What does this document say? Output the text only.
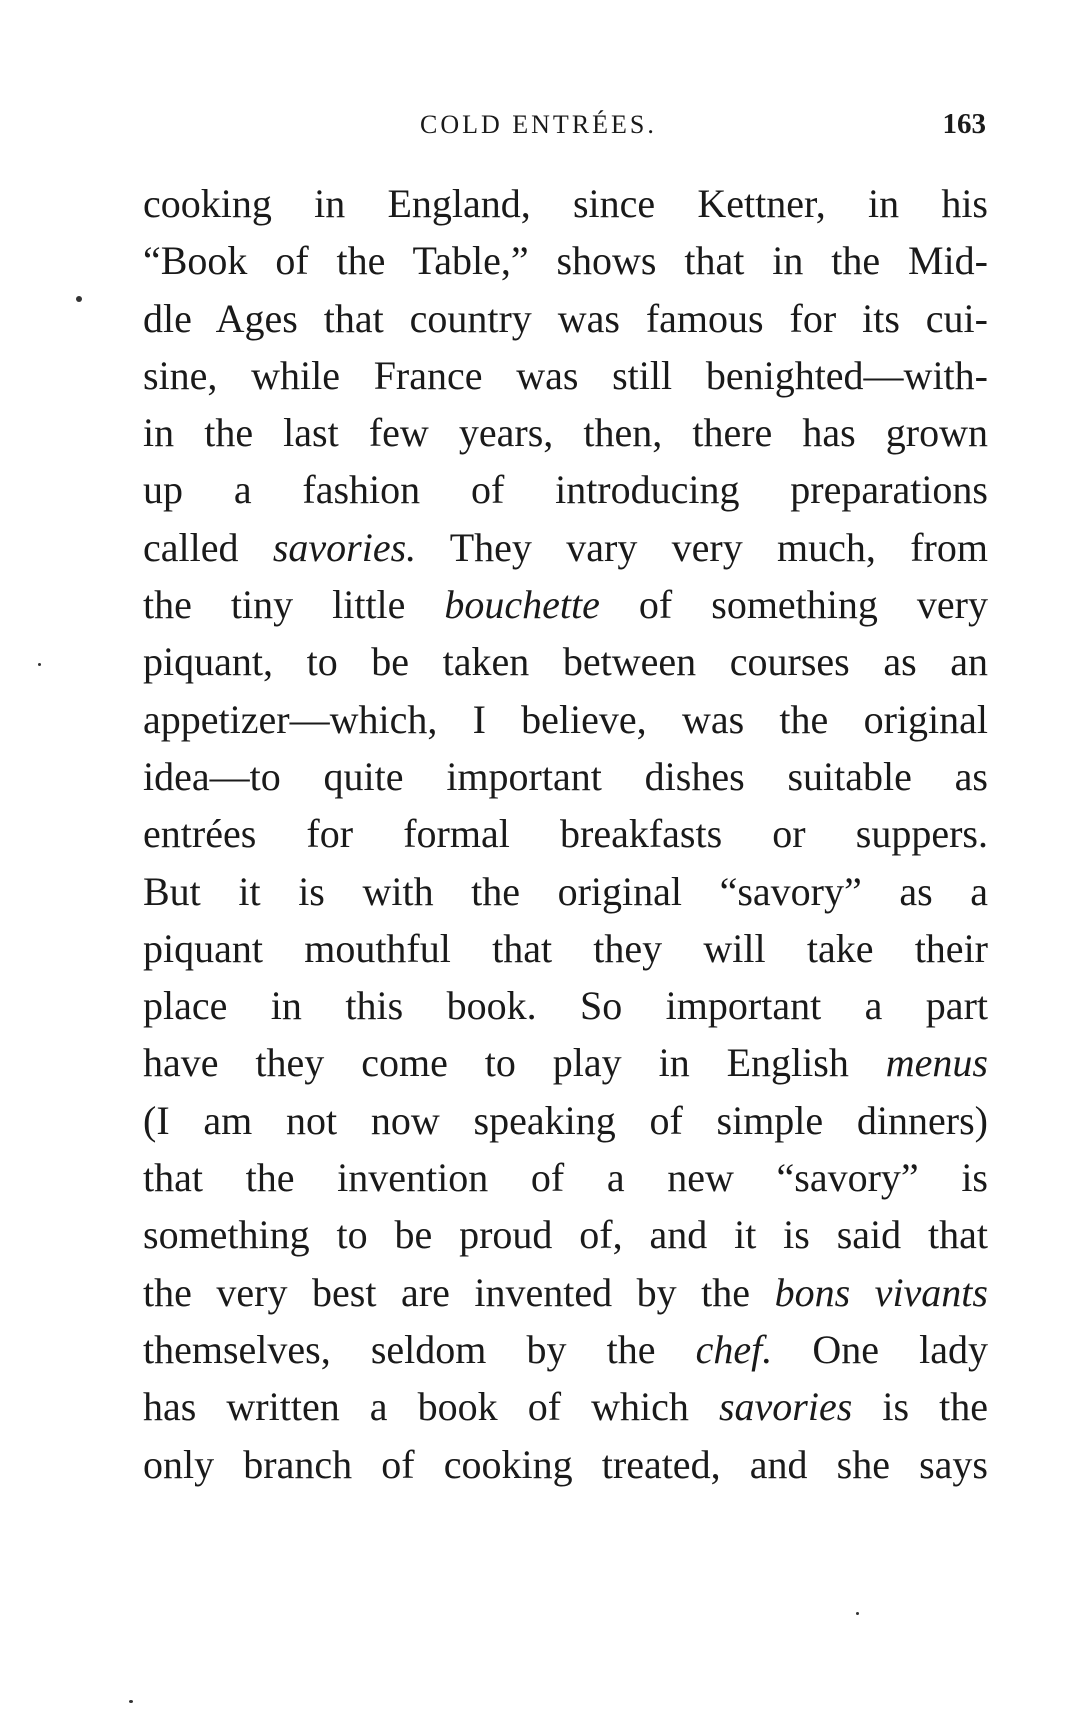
COLD ENTRÉES.	163
cooking in England, since Kettner, in his
“Book of the Table,” shows that in the Mid-
dle Ages that country was famous for its cui-
sine, while France was still benighted—with-
in the last few years, then, there has grown
up a fashion of introducing preparations
called savories. They vary very much, from
the tiny little bouchette of something very
piquant, to be taken between courses as an
appetizer—which, I believe, was the original
idea—to quite important dishes suitable as
entrées for formal breakfasts or suppers.
But it is with the original “savory” as a
piquant mouthful that they will take their
place in this book. So important a part
have they come to play in English menus
(I am not now speaking of simple dinners)
that the invention of a new “savory” is
something to be proud of, and it is said that
the very best are invented by the bons vivants
themselves, seldom by the chef. One lady
has written a book of which savories is the
only branch of cooking treated, and she says
